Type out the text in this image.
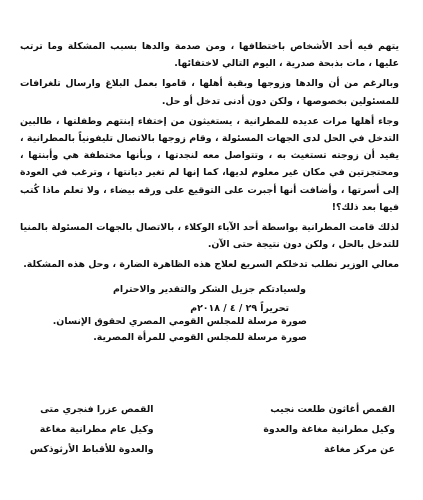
يتهم فيه أحد الأشخاص باختطافها ، ومن صدمة والدها بسبب المشكلة وما ترتب عليها ، مات بذبحة صدرية ، اليوم التالي لاختفائها.

وبالرغم من أن والدها وزوجها وبقية أهلها ، قاموا بعمل البلاغ وارسال تلغرافات للمسئولين بخصوصها ، ولكن دون أدنى تدخل أو حل.

وجاء أهلها مرات عديده للمطرانية ، يستغيثون من إختفاء إبنتهم وطفلتها ، طالبين التدخل في الحل لدى الجهات المسئولة ، وقام زوجها بالاتصال تليفونياً بالمطرانية ، يفيد أن زوجته تستغيث به ، وتتواصل معه لنجدتها ، وبأنها مختطفة هي وأبنتها ، ومحتجزتين في مكان غير معلوم لديها، كما إنها لم تغير ديانتها ، وترغب في العودة إلى أسرتها ، وأضافت أنها أجبرت على التوقيع على ورقه بيضاء ، ولا تعلم ماذا كُتب فيها بعد ذلك؟!

لذلك قامت المطرانية بواسطة أحد الآباء الوكلاء ، بالاتصال بالجهات المسئولة بالمنيا للتدخل بالحل ، ولكن دون نتيجة حتى الآن.

معالي الوزير نطلب تدخلكم السريع لعلاج هذه الظاهرة الضارة ، وحل هذه المشكلة.

ولسيادتكم جزيل الشكر والتقدير والاحترام
تحريراً ٢٩ / ٤ / ٢٠١٨م
صورة مرسلة للمجلس القومي المصري لحقوق الإنسان.
صورة مرسلة للمجلس القومي للمرأة المصرية.
القمص أغاثون طلعت نجيب
وكيل مطرانية مغاغة والعدوة
عن مركز مغاغة
القمص عزرا فنجري متى
وكيل عام مطرانية مغاغة
والعدوة للأقباط الأرثوذكس
